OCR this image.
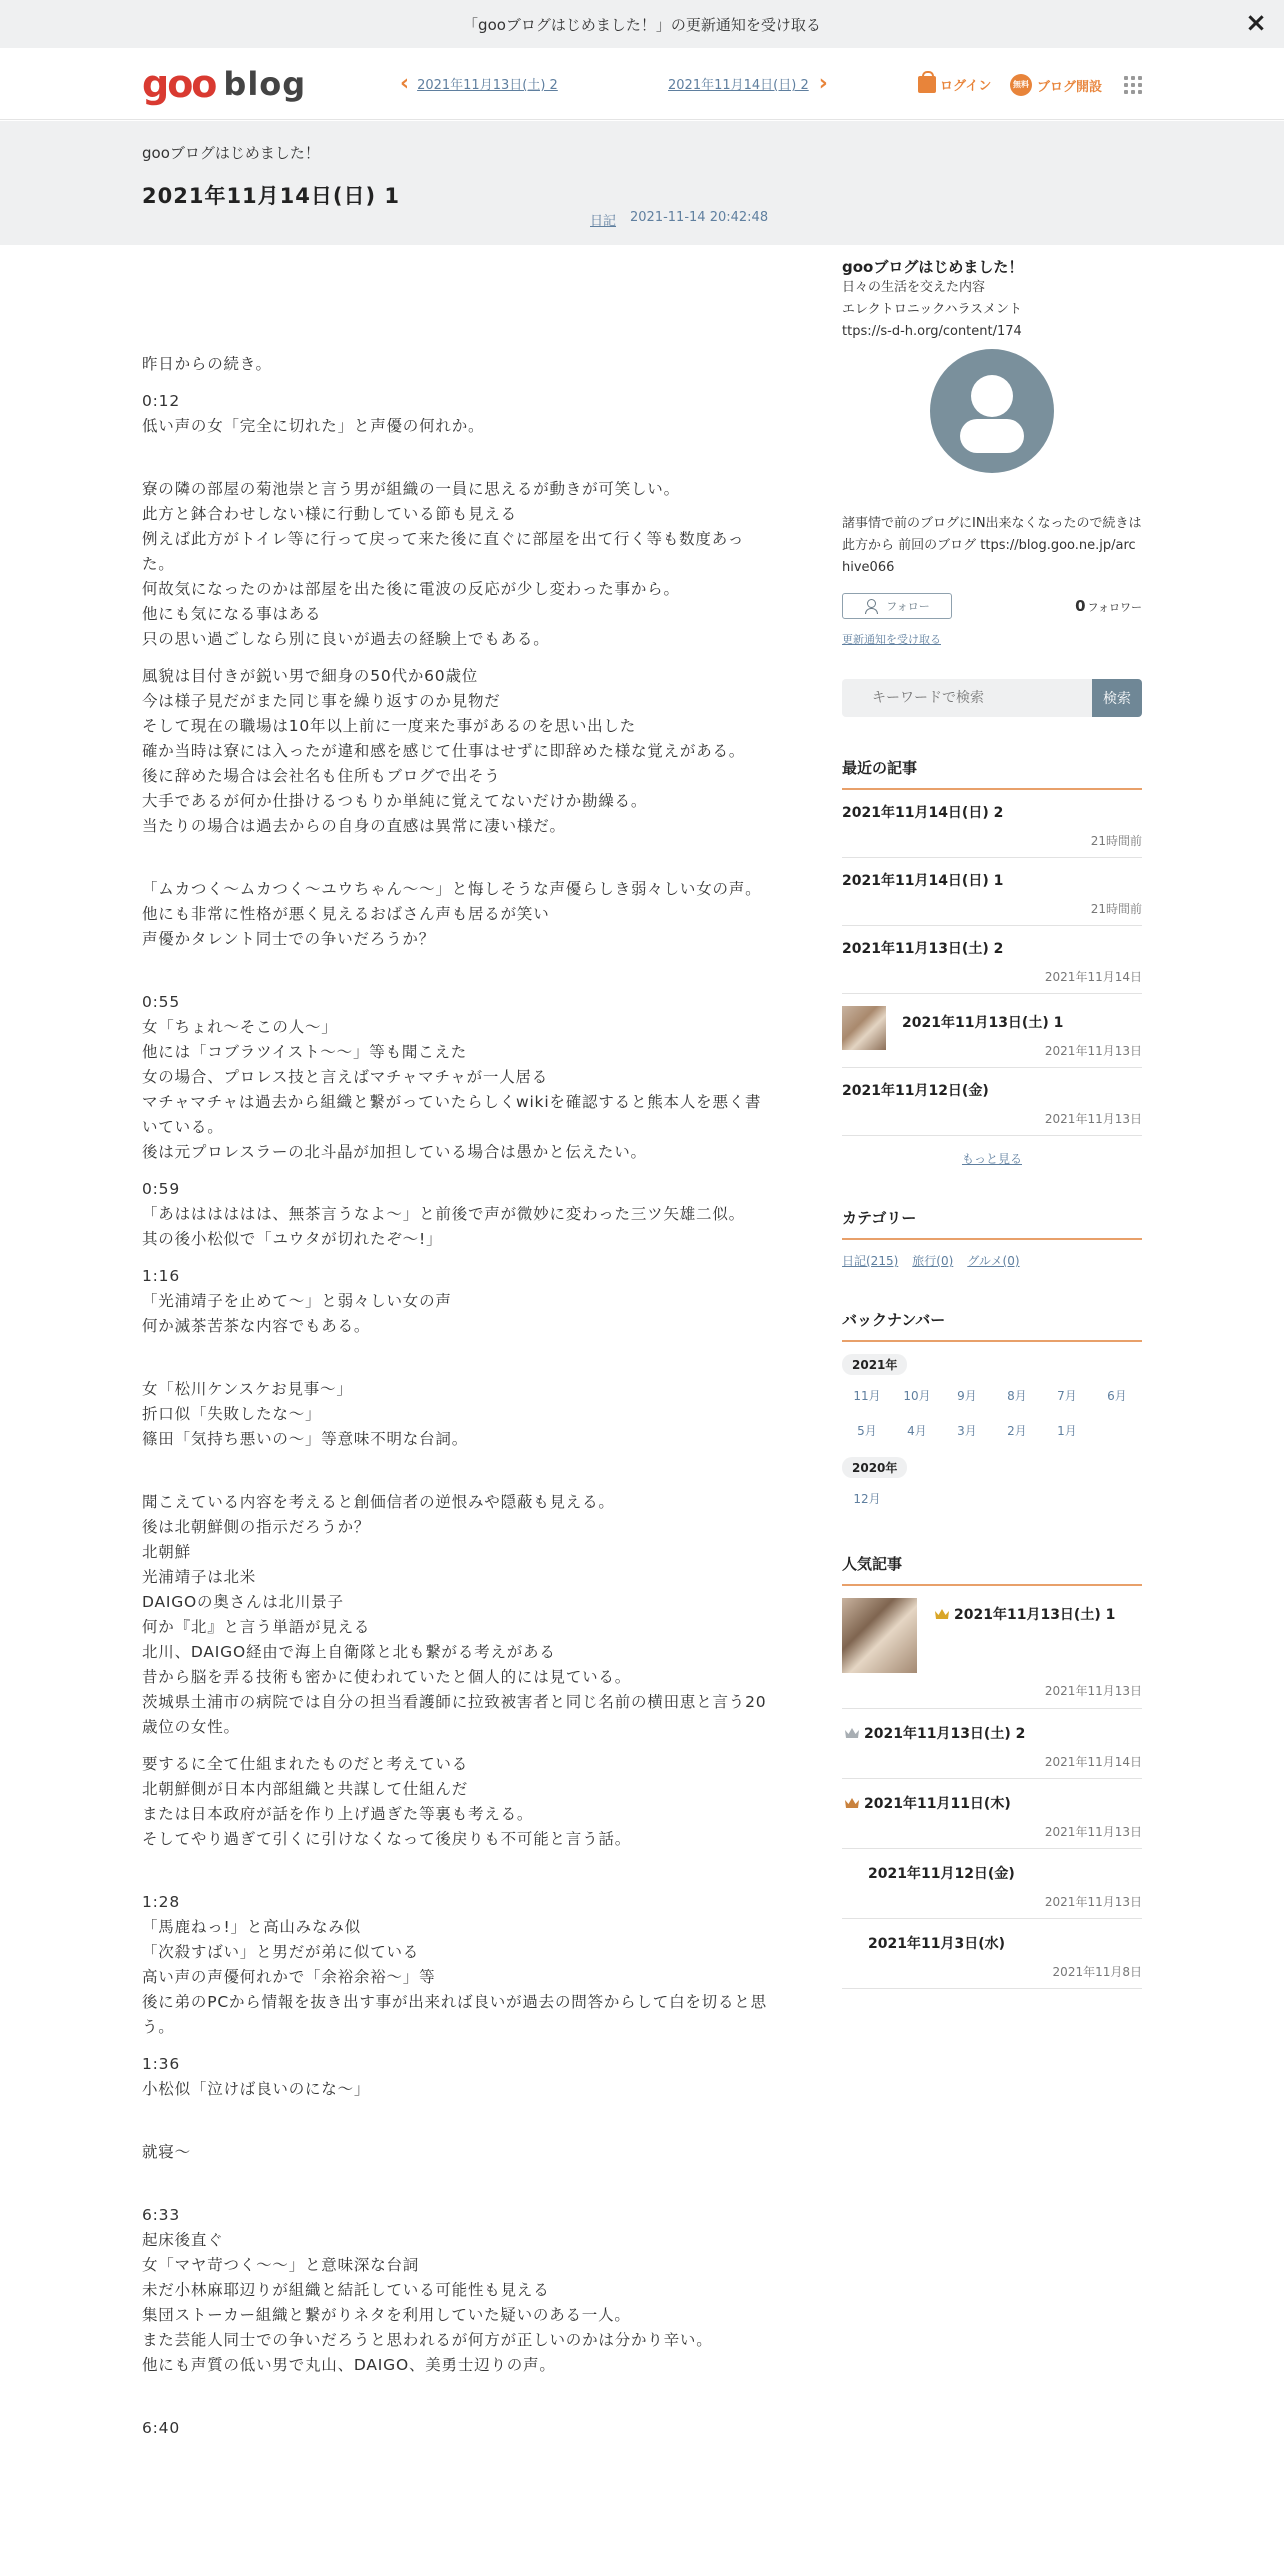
「gooブログはじめました！」の更新通知を受け取る	×
goo blog	‹ 2021年11月13日(土) 2	2021年11月14日(日) 2 ›	ログイン	無料 ブログ開設
gooブログはじめました！
2021年11月14日(日) 1
日記 2021-11-14 20:42:48

昨日からの続き。

0:12
低い声の女「完全に切れた」と声優の何れか。

寮の隣の部屋の菊池崇と言う男が組織の一員に思えるが動きが可笑しい。
此方と鉢合わせしない様に行動している節も見える
例えば此方がトイレ等に行って戻って来た後に直ぐに部屋を出て行く等も数度あった。
何故気になったのかは部屋を出た後に電波の反応が少し変わった事から。
他にも気になる事はある
只の思い過ごしなら別に良いが過去の経験上でもある。

風貌は目付きが鋭い男で細身の50代か60歳位
今は様子見だがまた同じ事を繰り返すのか見物だ
そして現在の職場は10年以上前に一度来た事があるのを思い出した
確か当時は寮には入ったが違和感を感じて仕事はせずに即辞めた様な覚えがある。
後に辞めた場合は会社名も住所もブログで出そう
大手であるが何か仕掛けるつもりか単純に覚えてないだけか勘繰る。
当たりの場合は過去からの自身の直感は異常に凄い様だ。

「ムカつく～ムカつく～ユウちゃん～～」と悔しそうな声優らしき弱々しい女の声。
他にも非常に性格が悪く見えるおばさん声も居るが笑い
声優かタレント同士での争いだろうか？

0:55
女「ちょれ～そこの人～」
他には「コブラツイスト～～」等も聞こえた
女の場合、プロレス技と言えばマチャマチャが一人居る
マチャマチャは過去から組織と繋がっていたらしくwikiを確認すると熊本人を悪く書いている。
後は元プロレスラーの北斗晶が加担している場合は愚かと伝えたい。

0:59
「あはははははは、無茶言うなよ～」と前後で声が微妙に変わった三ツ矢雄二似。
其の後小松似で「ユウタが切れたぞ～!」

1:16
「光浦靖子を止めて～」と弱々しい女の声
何か滅茶苦茶な内容でもある。

女「松川ケンスケお見事～」
折口似「失敗したな～」
篠田「気持ち悪いの～」等意味不明な台詞。

聞こえている内容を考えると創価信者の逆恨みや隠蔽も見える。
後は北朝鮮側の指示だろうか？
北朝鮮
光浦靖子は北米
DAIGOの奥さんは北川景子
何か『北』と言う単語が見える
北川、DAIGO経由で海上自衛隊と北も繋がる考えがある
昔から脳を弄る技術も密かに使われていたと個人的には見ている。
茨城県土浦市の病院では自分の担当看護師に拉致被害者と同じ名前の横田恵と言う20歳位の女性。

要するに全て仕組まれたものだと考えている
北朝鮮側が日本内部組織と共謀して仕組んだ
または日本政府が話を作り上げ過ぎた等裏も考える。
そしてやり過ぎて引くに引けなくなって後戻りも不可能と言う話。

1:28
「馬鹿ねっ!」と高山みなみ似
「次殺すばい」と男だが弟に似ている
高い声の声優何れかで「余裕余裕～」等
後に弟のPCから情報を抜き出す事が出来れば良いが過去の問答からして白を切ると思う。

1:36
小松似「泣けば良いのにな～」

就寝～

6:33
起床後直ぐ
女「マヤ苛つく～～」と意味深な台詞
未だ小林麻耶辺りが組織と結託している可能性も見える
集団ストーカー組織と繋がりネタを利用していた疑いのある一人。
また芸能人同士での争いだろうと思われるが何方が正しいのかは分かり辛い。
他にも声質の低い男で丸山、DAIGO、美勇士辺りの声。

6:40

gooブログはじめました！
日々の生活を交えた内容
エレクトロニックハラスメント
ttps://s-d-h.org/content/174
諸事情で前のブログにIN出来なくなったので続きは此方から 前回のブログ ttps://blog.goo.ne.jp/archive066
フォロー	0 フォロワー
更新通知を受け取る
キーワードで検索
検索
最近の記事
2021年11月14日(日) 2
21時間前
2021年11月14日(日) 1
21時間前
2021年11月13日(土) 2
2021年11月14日
2021年11月13日(土) 1
2021年11月13日
2021年11月12日(金)
2021年11月13日
もっと見る
カテゴリー
日記(215) 旅行(0) グルメ(0)
バックナンバー
2021年
11月	10月	9月	8月	7月	6月
5月	4月	3月	2月	1月
2020年
12月
人気記事
2021年11月13日(土) 1
2021年11月13日
2021年11月13日(土) 2
2021年11月14日
2021年11月11日(木)
2021年11月13日
2021年11月12日(金)
2021年11月13日
2021年11月3日(水)
2021年11月8日
